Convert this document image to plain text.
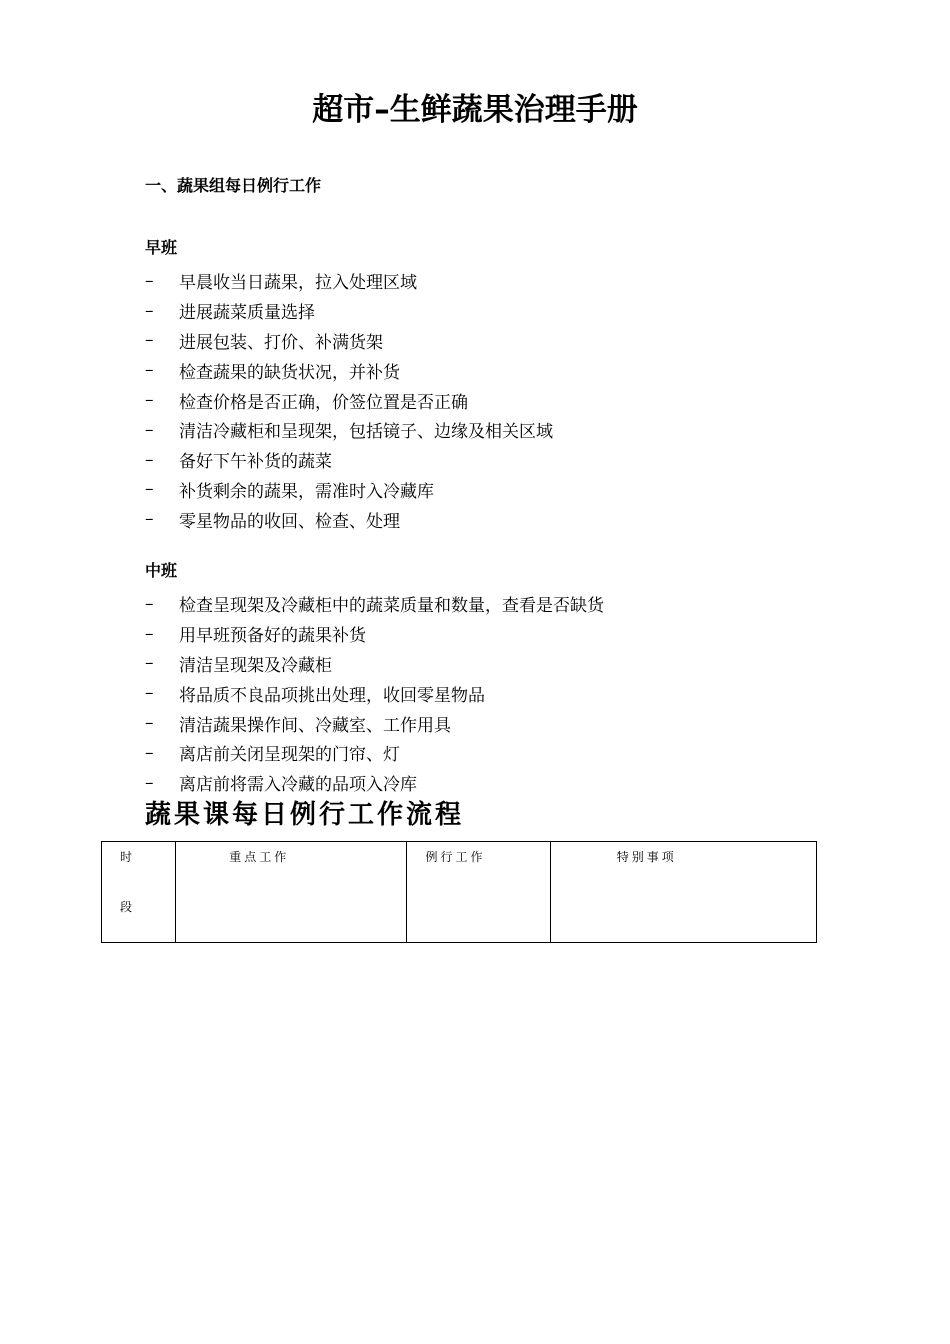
超市–生鲜蔬果治理手册
一、蔬果组每日例行工作
早班
–	早晨收当日蔬果，拉入处理区域
–	进展蔬菜质量选择
–	进展包装、打价、补满货架
–	检查蔬果的缺货状况，并补货
–	检查价格是否正确，价签位置是否正确
–	清洁冷藏柜和呈现架，包括镜子、边缘及相关区域
–	备好下午补货的蔬菜
–	补货剩余的蔬果，需准时入冷藏库
–	零星物品的收回、检查、处理
中班
–	检查呈现架及冷藏柜中的蔬菜质量和数量，查看是否缺货
–	用早班预备好的蔬果补货
–	清洁呈现架及冷藏柜
–	将品质不良品项挑出处理，收回零星物品
–	清洁蔬果操作间、冷藏室、工作用具
–	离店前关闭呈现架的门帘、灯
–	离店前将需入冷藏的品项入冷库
蔬果课每日例行工作流程
时
段
	重点工作	例行工作	特别事项
